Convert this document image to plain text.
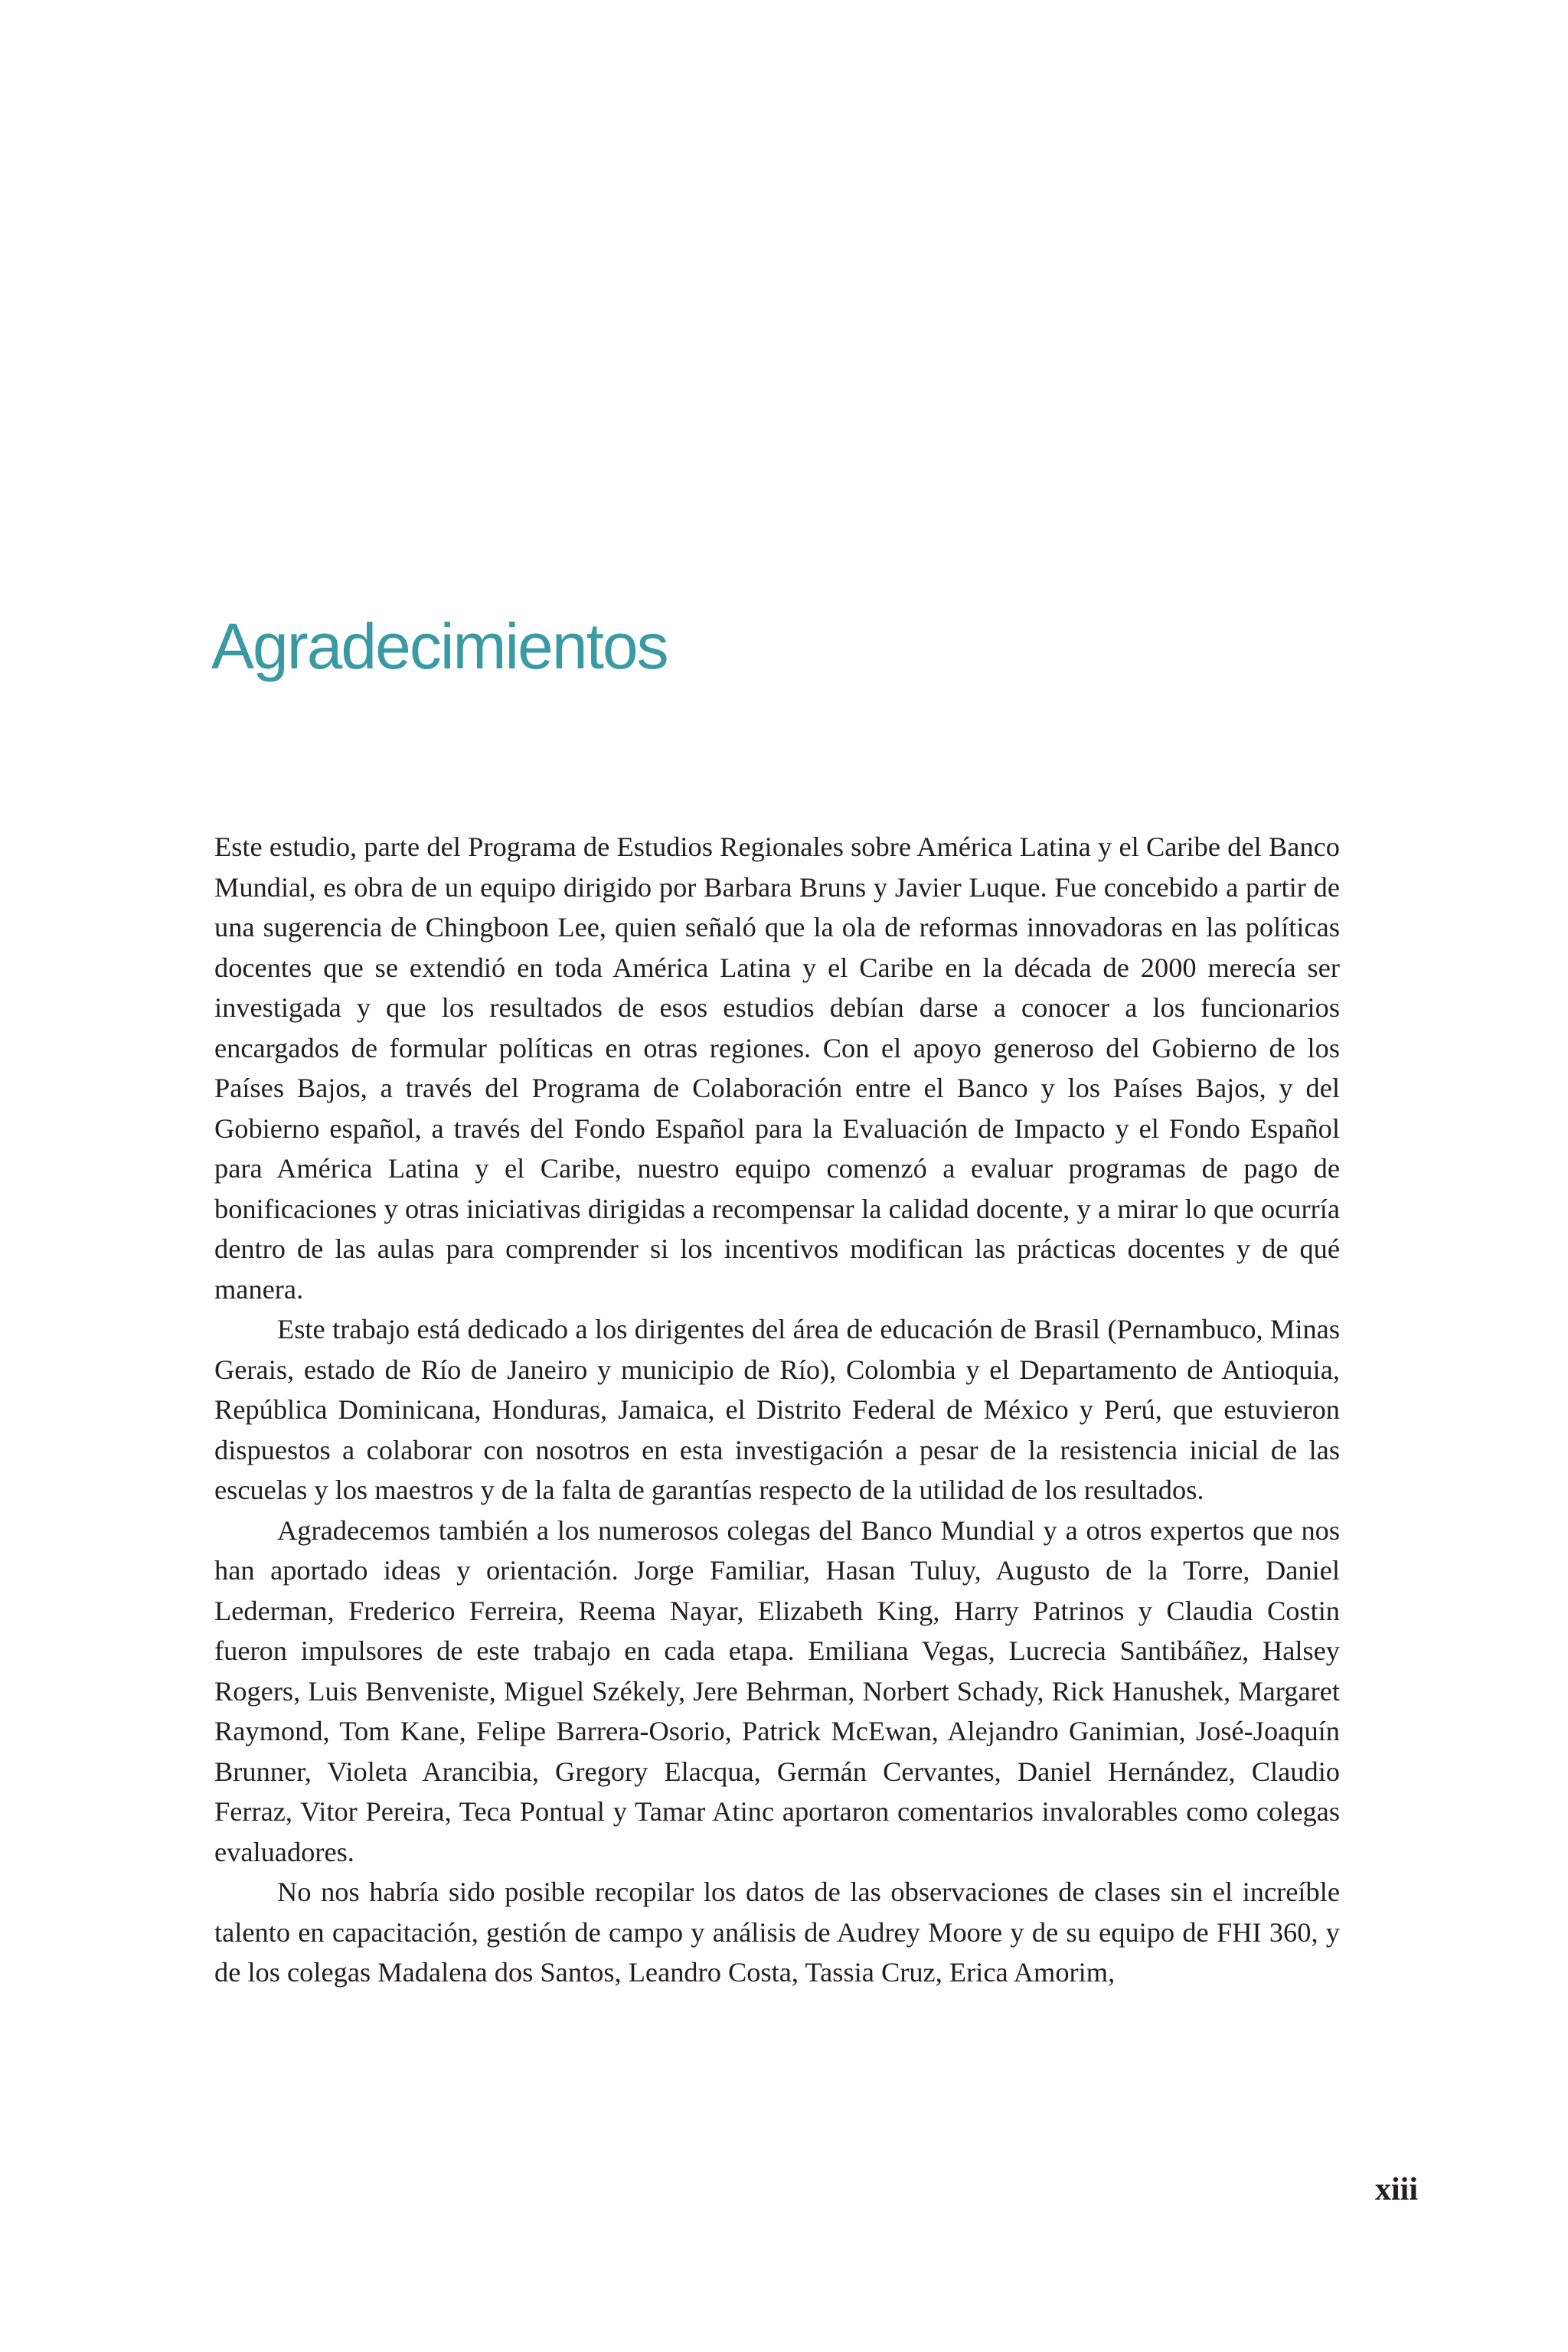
Agradecimientos

Este estudio, parte del Programa de Estudios Regionales sobre América Latina y el Caribe del Banco Mundial, es obra de un equipo dirigido por Barbara Bruns y Javier Luque. Fue concebido a partir de una sugerencia de Chingboon Lee, quien señaló que la ola de reformas innovadoras en las políticas docentes que se extendió en toda América Latina y el Caribe en la década de 2000 merecía ser investigada y que los resultados de esos estudios debían darse a conocer a los funcionarios encargados de formular políticas en otras regiones. Con el apoyo generoso del Gobierno de los Países Bajos, a través del Programa de Colaboración entre el Banco y los Países Bajos, y del Gobierno español, a través del Fondo Español para la Evaluación de Impacto y el Fondo Español para América Latina y el Caribe, nuestro equipo comenzó a evaluar programas de pago de bonificaciones y otras iniciativas dirigidas a recompensar la calidad docente, y a mirar lo que ocurría dentro de las aulas para comprender si los incentivos modifican las prácticas docentes y de qué manera.

Este trabajo está dedicado a los dirigentes del área de educación de Brasil (Pernambuco, Minas Gerais, estado de Río de Janeiro y municipio de Río), Colombia y el Departamento de Antioquia, República Dominicana, Honduras, Jamaica, el Distrito Federal de México y Perú, que estuvieron dispuestos a colaborar con nosotros en esta investigación a pesar de la resistencia inicial de las escuelas y los maestros y de la falta de garantías respecto de la utilidad de los resultados.

Agradecemos también a los numerosos colegas del Banco Mundial y a otros expertos que nos han aportado ideas y orientación. Jorge Familiar, Hasan Tuluy, Augusto de la Torre, Daniel Lederman, Frederico Ferreira, Reema Nayar, Elizabeth King, Harry Patrinos y Claudia Costin fueron impulsores de este trabajo en cada etapa. Emiliana Vegas, Lucrecia Santibáñez, Halsey Rogers, Luis Benveniste, Miguel Székely, Jere Behrman, Norbert Schady, Rick Hanushek, Margaret Raymond, Tom Kane, Felipe Barrera-Osorio, Patrick McEwan, Alejandro Ganimian, José-Joaquín Brunner, Violeta Arancibia, Gregory Elacqua, Germán Cervantes, Daniel Hernández, Claudio Ferraz, Vitor Pereira, Teca Pontual y Tamar Atinc aportaron comentarios invalorables como colegas evaluadores.

No nos habría sido posible recopilar los datos de las observaciones de clases sin el increíble talento en capacitación, gestión de campo y análisis de Audrey Moore y de su equipo de FHI 360, y de los colegas Madalena dos Santos, Leandro Costa, Tassia Cruz, Erica Amorim,

xiii
